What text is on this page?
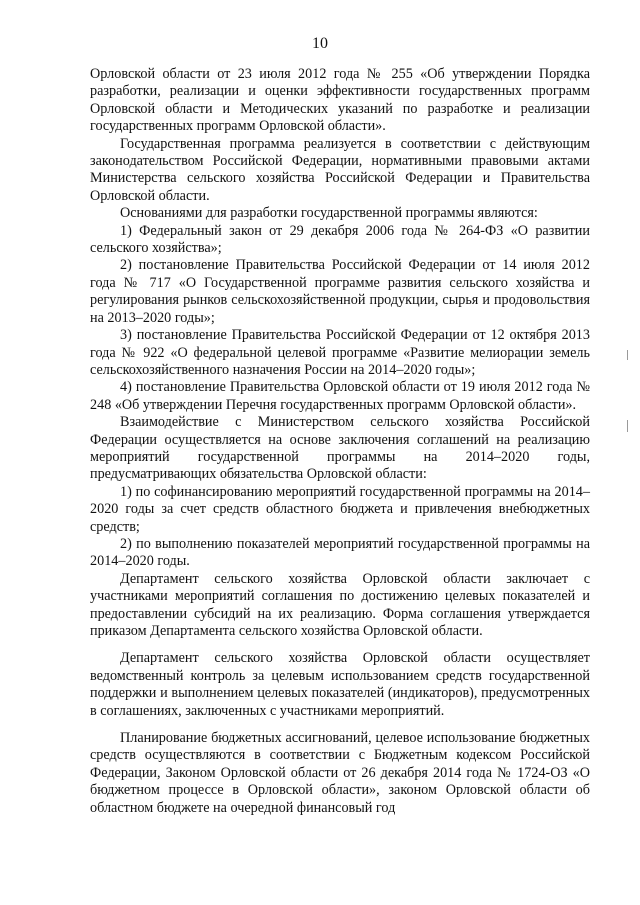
10

Орловской области от 23 июля 2012 года № 255 «Об утверждении Порядка разработки, реализации и оценки эффективности государственных программ Орловской области и Методических указаний по разработке и реализации государственных программ Орловской области».

Государственная программа реализуется в соответствии с действующим законодательством Российской Федерации, нормативными правовыми актами Министерства сельского хозяйства Российской Федерации и Правительства Орловской области.

Основаниями для разработки государственной программы являются:

1) Федеральный закон от 29 декабря 2006 года № 264-ФЗ «О развитии сельского хозяйства»;

2) постановление Правительства Российской Федерации от 14 июля 2012 года № 717 «О Государственной программе развития сельского хозяйства и регулирования рынков сельскохозяйственной продукции, сырья и продовольствия на 2013–2020 годы»;

3) постановление Правительства Российской Федерации от 12 октября 2013 года № 922 «О федеральной целевой программе «Развитие мелиорации земель сельскохозяйственного назначения России на 2014–2020 годы»;

4) постановление Правительства Орловской области от 19 июля 2012 года № 248 «Об утверждении Перечня государственных программ Орловской области».

Взаимодействие с Министерством сельского хозяйства Российской Федерации осуществляется на основе заключения соглашений на реализацию мероприятий государственной программы на 2014–2020 годы, предусматривающих обязательства Орловской области:

1) по софинансированию мероприятий государственной программы на 2014–2020 годы за счет средств областного бюджета и привлечения внебюджетных средств;

2) по выполнению показателей мероприятий государственной программы на 2014–2020 годы.

Департамент сельского хозяйства Орловской области заключает с участниками мероприятий соглашения по достижению целевых показателей и предоставлении субсидий на их реализацию. Форма соглашения утверждается приказом Департамента сельского хозяйства Орловской области.

Департамент сельского хозяйства Орловской области осуществляет ведомственный контроль за целевым использованием средств государственной поддержки и выполнением целевых показателей (индикаторов), предусмотренных в соглашениях, заключенных с участниками мероприятий.

Планирование бюджетных ассигнований, целевое использование бюджетных средств осуществляются в соответствии с Бюджетным кодексом Российской Федерации, Законом Орловской области от 26 декабря 2014 года № 1724-ОЗ «О бюджетном процессе в Орловской области», законом Орловской области об областном бюджете на очередной финансовый год
